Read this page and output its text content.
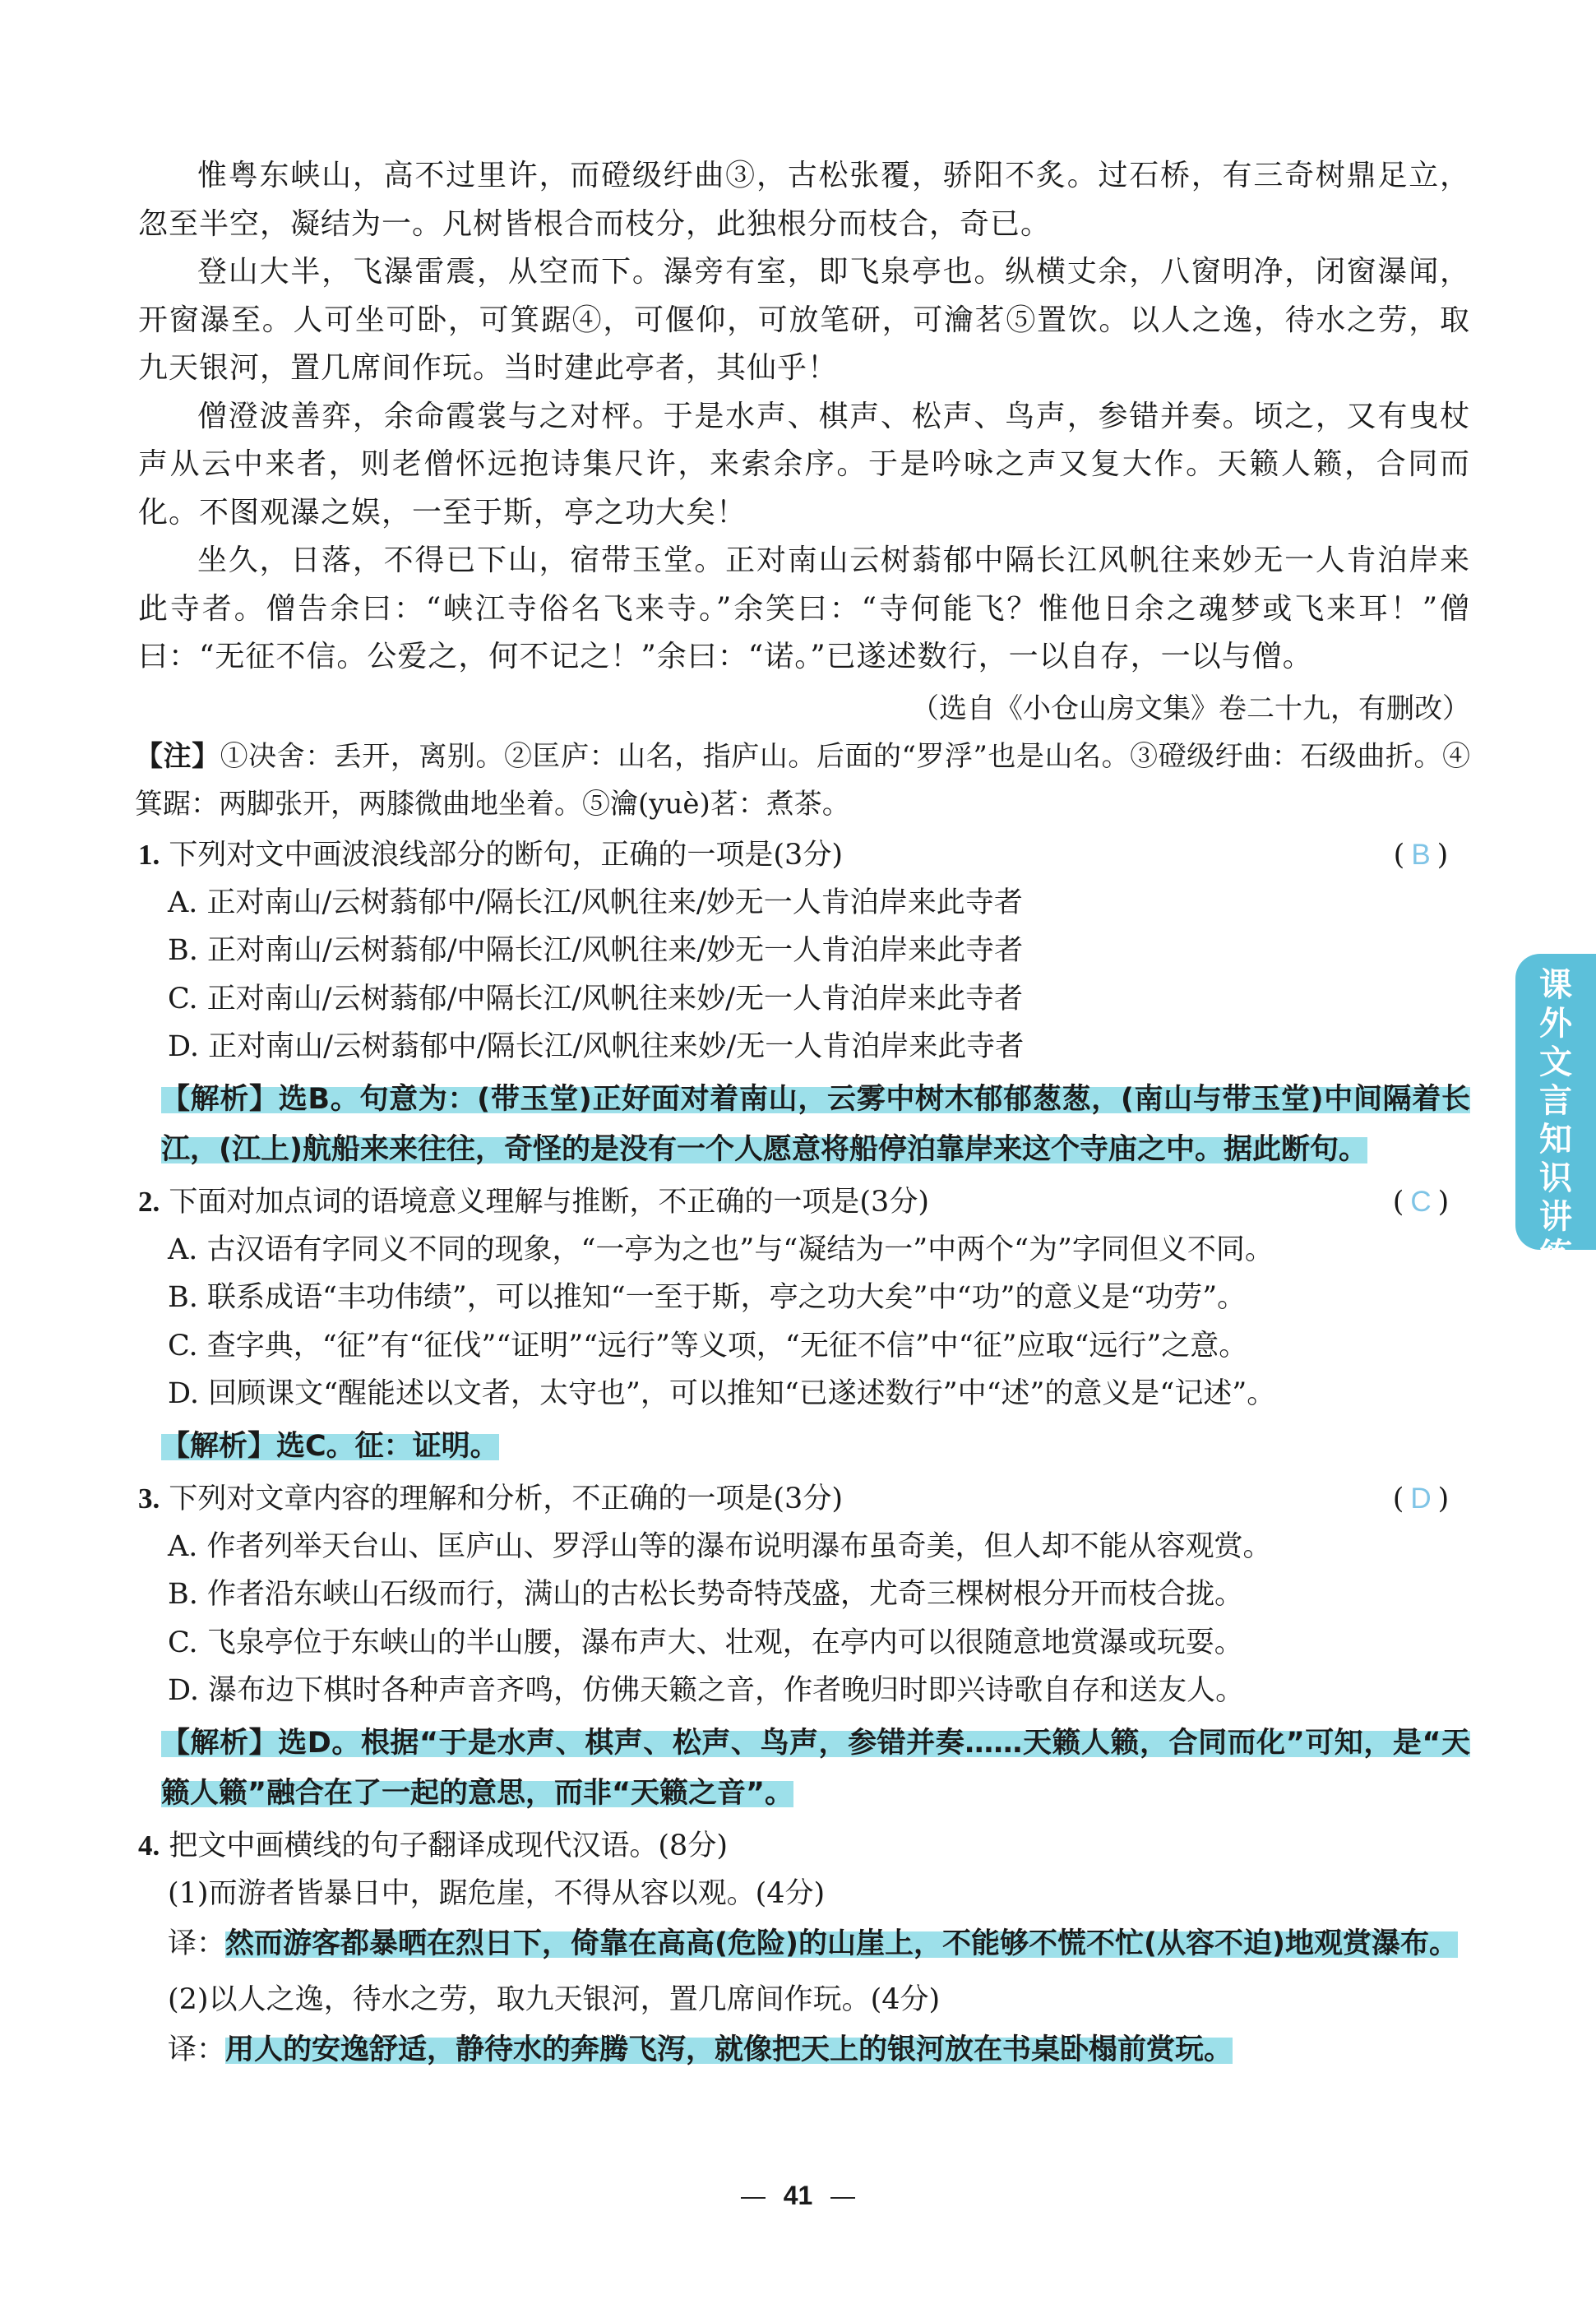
惟粤东峡山，高不过里许，而磴级纡曲③，古松张覆，骄阳不炙。过石桥，有三奇树鼎足立，忽至半空，凝结为一。凡树皆根合而枝分，此独根分而枝合，奇已。

登山大半，飞瀑雷震，从空而下。瀑旁有室，即飞泉亭也。纵横丈余，八窗明净，闭窗瀑闻，开窗瀑至。人可坐可卧，可箕踞④，可偃仰，可放笔研，可瀹茗⑤置饮。以人之逸，待水之劳，取九天银河，置几席间作玩。当时建此亭者，其仙乎！

僧澄波善弈，余命霞裳与之对枰。于是水声、棋声、松声、鸟声，参错并奏。顷之，又有曳杖声从云中来者，则老僧怀远抱诗集尺许，来索余序。于是吟咏之声又复大作。天籁人籁，合同而化。不图观瀑之娱，一至于斯，亭之功大矣！

坐久，日落，不得已下山，宿带玉堂。正对南山云树蓊郁中隔长江风帆往来妙无一人肯泊岸来此寺者。僧告余曰：“峡江寺俗名飞来寺。”余笑曰：“寺何能飞？惟他日余之魂梦或飞来耳！”僧曰：“无征不信。公爱之，何不记之！”余曰：“诺。”已遂述数行，一以自存，一以与僧。

（选自《小仓山房文集》卷二十九，有删改）

【注】①决舍：丢开，离别。②匡庐：山名，指庐山。后面的“罗浮”也是山名。③磴级纡曲：石级曲折。④箕踞：两脚张开，两膝微曲地坐着。⑤瀹(yuè)茗：煮茶。

1. 下列对文中画波浪线部分的断句，正确的一项是(3分)	( B )

A. 正对南山/云树蓊郁中/隔长江/风帆往来/妙无一人肯泊岸来此寺者

B. 正对南山/云树蓊郁/中隔长江/风帆往来/妙无一人肯泊岸来此寺者

C. 正对南山/云树蓊郁/中隔长江/风帆往来妙/无一人肯泊岸来此寺者

D. 正对南山/云树蓊郁中/隔长江/风帆往来妙/无一人肯泊岸来此寺者

【解析】选B。句意为：(带玉堂)正好面对着南山，云雾中树木郁郁葱葱，(南山与带玉堂)中间隔着长江，(江上)航船来来往往，奇怪的是没有一个人愿意将船停泊靠岸来这个寺庙之中。据此断句。

2. 下面对加点词的语境意义理解与推断，不正确的一项是(3分)	( C )

A. 古汉语有字同义不同的现象，“一亭为之也”与“凝结为一”中两个“为”字同但义不同。

B. 联系成语“丰功伟绩”，可以推知“一至于斯，亭之功大矣”中“功”的意义是“功劳”。

C. 查字典，“征”有“征伐”“证明”“远行”等义项，“无征不信”中“征”应取“远行”之意。

D. 回顾课文“醒能述以文者，太守也”，可以推知“已遂述数行”中“述”的意义是“记述”。

【解析】选C。征：证明。

3. 下列对文章内容的理解和分析，不正确的一项是(3分)	( D )

A. 作者列举天台山、匡庐山、罗浮山等的瀑布说明瀑布虽奇美，但人却不能从容观赏。

B. 作者沿东峡山石级而行，满山的古松长势奇特茂盛，尤奇三棵树根分开而枝合拢。

C. 飞泉亭位于东峡山的半山腰，瀑布声大、壮观，在亭内可以很随意地赏瀑或玩耍。

D. 瀑布边下棋时各种声音齐鸣，仿佛天籁之音，作者晚归时即兴诗歌自存和送友人。

【解析】选D。根据“于是水声、棋声、松声、鸟声，参错并奏……天籁人籁，合同而化”可知，是“天籁人籁”融合在了一起的意思，而非“天籁之音”。

4. 把文中画横线的句子翻译成现代汉语。(8分)

(1)而游者皆暴日中，踞危崖，不得从容以观。(4分)

译：然而游客都暴晒在烈日下，倚靠在高高(危险)的山崖上，不能够不慌不忙(从容不迫)地观赏瀑布。

(2)以人之逸，待水之劳，取九天银河，置几席间作玩。(4分)

译：用人的安逸舒适，静待水的奔腾飞泻，就像把天上的银河放在书桌卧榻前赏玩。

课外文言知识讲练
41
